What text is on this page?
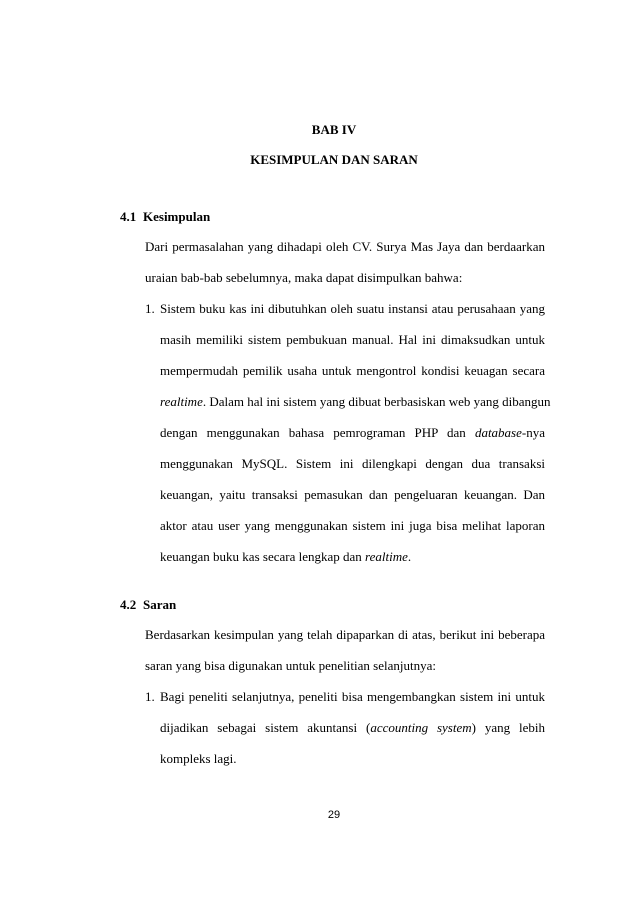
BAB IV
KESIMPULAN DAN SARAN
4.1 Kesimpulan

Dari permasalahan yang dihadapi oleh CV. Surya Mas Jaya dan berdaarkan
uraian bab-bab sebelumnya, maka dapat disimpulkan bahwa:

1. Sistem buku kas ini dibutuhkan oleh suatu instansi atau perusahaan yang
masih memiliki sistem pembukuan manual. Hal ini dimaksudkan untuk
mempermudah pemilik usaha untuk mengontrol kondisi keuagan secara
realtime. Dalam hal ini sistem yang dibuat berbasiskan web yang dibangun
dengan menggunakan bahasa pemrograman PHP dan database-nya
menggunakan MySQL. Sistem ini dilengkapi dengan dua transaksi
keuangan, yaitu transaksi pemasukan dan pengeluaran keuangan. Dan
aktor atau user yang menggunakan sistem ini juga bisa melihat laporan
keuangan buku kas secara lengkap dan realtime.
4.2 Saran

Berdasarkan kesimpulan yang telah dipaparkan di atas, berikut ini beberapa
saran yang bisa digunakan untuk penelitian selanjutnya:

1. Bagi peneliti selanjutnya, peneliti bisa mengembangkan sistem ini untuk
dijadikan sebagai sistem akuntansi (accounting system) yang lebih
kompleks lagi.
29
